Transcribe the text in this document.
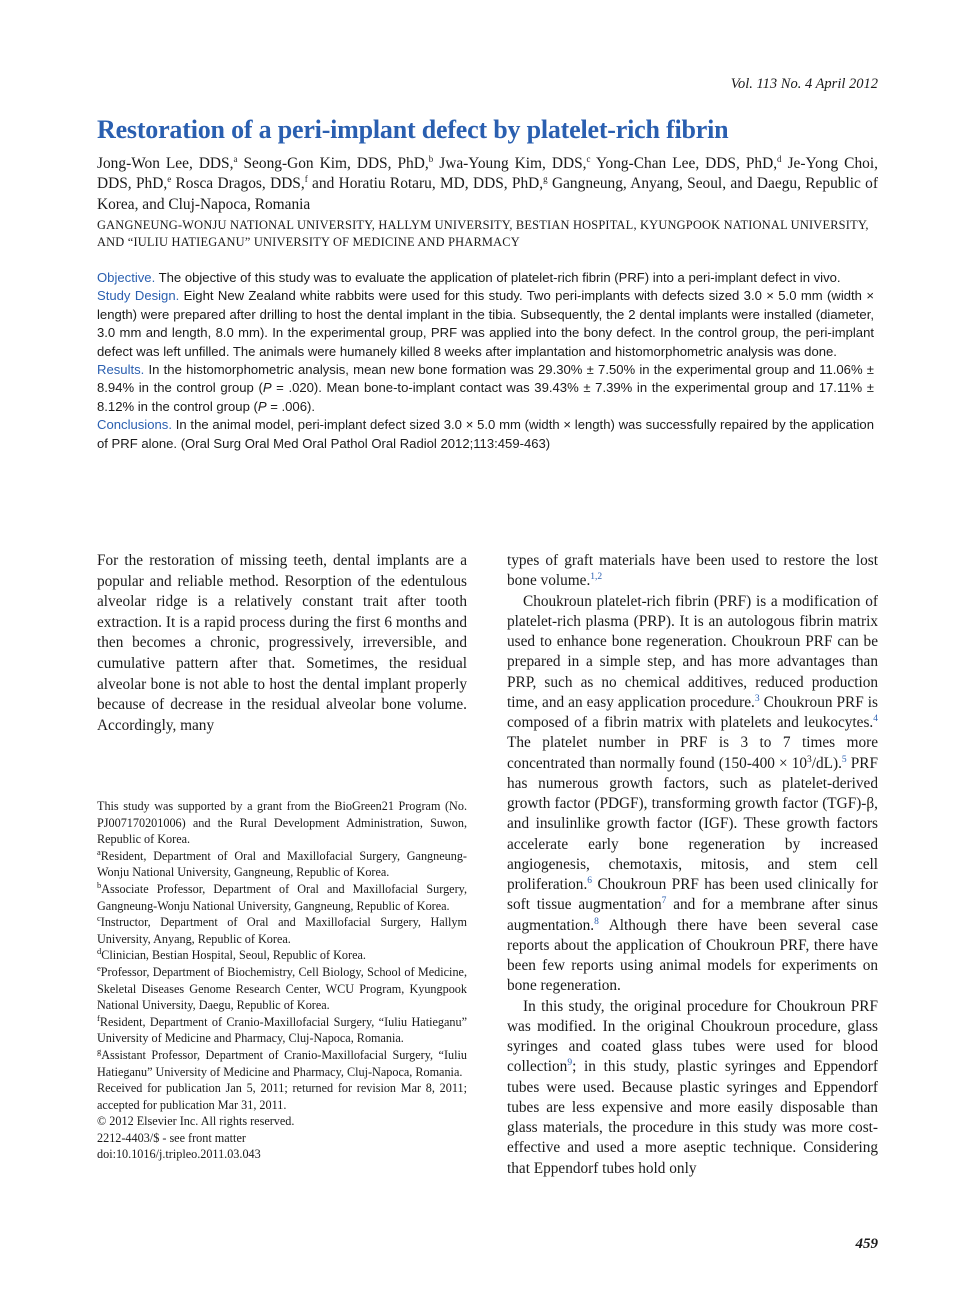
Vol. 113 No. 4 April 2012
Restoration of a peri-implant defect by platelet-rich fibrin
Jong-Won Lee, DDS,$^a$ Seong-Gon Kim, DDS, PhD,$^b$ Jwa-Young Kim, DDS,$^c$ Yong-Chan Lee, DDS, PhD,$^d$ Je-Yong Choi, DDS, PhD,$^e$ Rosca Dragos, DDS,$^f$ and Horatiu Rotaru, MD, DDS, PhD,$^g$ Gangneung, Anyang, Seoul, and Daegu, Republic of Korea, and Cluj-Napoca, Romania
GANGNEUNG-WONJU NATIONAL UNIVERSITY, HALLYM UNIVERSITY, BESTIAN HOSPITAL, KYUNGPOOK NATIONAL UNIVERSITY, AND “IULIU HATIEGANU” UNIVERSITY OF MEDICINE AND PHARMACY

Objective. The objective of this study was to evaluate the application of platelet-rich fibrin (PRF) into a peri-implant defect in vivo.

Study Design. Eight New Zealand white rabbits were used for this study. Two peri-implants with defects sized 3.0 × 5.0 mm (width × length) were prepared after drilling to host the dental implant in the tibia. Subsequently, the 2 dental implants were installed (diameter, 3.0 mm and length, 8.0 mm). In the experimental group, PRF was applied into the bony defect. In the control group, the peri-implant defect was left unfilled. The animals were humanely killed 8 weeks after implantation and histomorphometric analysis was done.

Results. In the histomorphometric analysis, mean new bone formation was 29.30% ± 7.50% in the experimental group and 11.06% ± 8.94% in the control group (P = .020). Mean bone-to-implant contact was 39.43% ± 7.39% in the experimental group and 17.11% ± 8.12% in the control group (P = .006).

Conclusions. In the animal model, peri-implant defect sized 3.0 × 5.0 mm (width × length) was successfully repaired by the application of PRF alone. (Oral Surg Oral Med Oral Pathol Oral Radiol 2012;113:459-463)

For the restoration of missing teeth, dental implants are a popular and reliable method. Resorption of the edentulous alveolar ridge is a relatively constant trait after tooth extraction. It is a rapid process during the first 6 months and then becomes a chronic, progressively, irreversible, and cumulative pattern after that. Sometimes, the residual alveolar bone is not able to host the dental implant properly because of decrease in the residual alveolar bone volume. Accordingly, many

This study was supported by a grant from the BioGreen21 Program (No. PJ007170201006) and the Rural Development Administration, Suwon, Republic of Korea.

$^a$Resident, Department of Oral and Maxillofacial Surgery, Gangneung-Wonju National University, Gangneung, Republic of Korea.

$^b$Associate Professor, Department of Oral and Maxillofacial Surgery, Gangneung-Wonju National University, Gangneung, Republic of Korea.

$^c$Instructor, Department of Oral and Maxillofacial Surgery, Hallym University, Anyang, Republic of Korea.

$^d$Clinician, Bestian Hospital, Seoul, Republic of Korea.

$^e$Professor, Department of Biochemistry, Cell Biology, School of Medicine, Skeletal Diseases Genome Research Center, WCU Program, Kyungpook National University, Daegu, Republic of Korea.

$^f$Resident, Department of Cranio-Maxillofacial Surgery, “Iuliu Hatieganu” University of Medicine and Pharmacy, Cluj-Napoca, Romania.

$^g$Assistant Professor, Department of Cranio-Maxillofacial Surgery, “Iuliu Hatieganu” University of Medicine and Pharmacy, Cluj-Napoca, Romania.

Received for publication Jan 5, 2011; returned for revision Mar 8, 2011; accepted for publication Mar 31, 2011.

© 2012 Elsevier Inc. All rights reserved.

2212-4403/$ - see front matter

doi:10.1016/j.tripleo.2011.03.043

types of graft materials have been used to restore the lost bone volume.$^{1,2}$

Choukroun platelet-rich fibrin (PRF) is a modification of platelet-rich plasma (PRP). It is an autologous fibrin matrix used to enhance bone regeneration. Choukroun PRF can be prepared in a simple step, and has more advantages than PRP, such as no chemical additives, reduced production time, and an easy application procedure.$^3$ Choukroun PRF is composed of a fibrin matrix with platelets and leukocytes.$^4$ The platelet number in PRF is 3 to 7 times more concentrated than normally found $(150-400 \times 10^3/dL).^5$ PRF has numerous growth factors, such as platelet-derived growth factor (PDGF), transforming growth factor (TGF)-β, and insulinlike growth factor (IGF). These growth factors accelerate early bone regeneration by increased angiogenesis, chemotaxis, mitosis, and stem cell proliferation.$^6$ Choukroun PRF has been used clinically for soft tissue augmentation$^7$ and for a membrane after sinus augmentation.$^8$ Although there have been several case reports about the application of Choukroun PRF, there have been few reports using animal models for experiments on bone regeneration.

In this study, the original procedure for Choukroun PRF was modified. In the original Choukroun procedure, glass syringes and coated glass tubes were used for blood collection$^9$; in this study, plastic syringes and Eppendorf tubes were used. Because plastic syringes and Eppendorf tubes are less expensive and more easily disposable than glass materials, the procedure in this study was more cost-effective and used a more aseptic technique. Considering that Eppendorf tubes hold only

459
